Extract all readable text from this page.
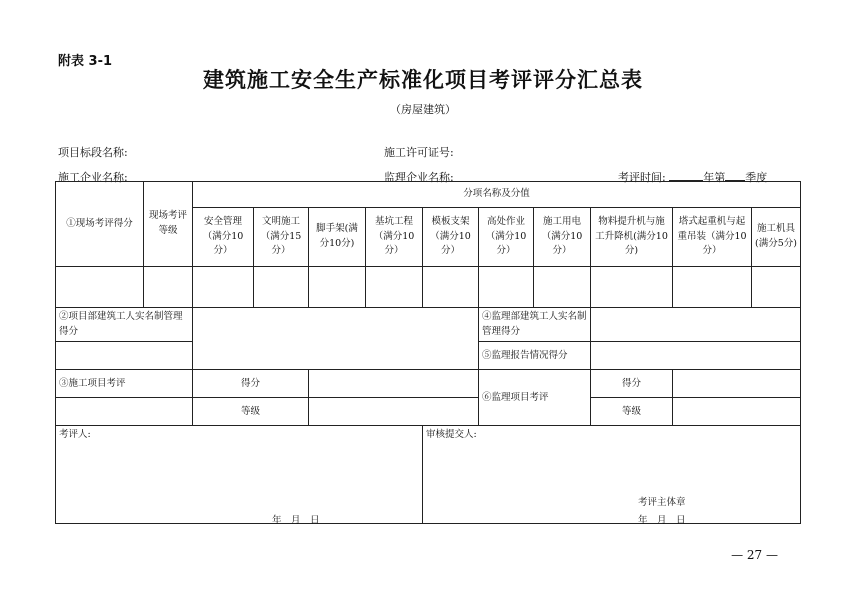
附表 3-1
建筑施工安全生产标准化项目考评评分汇总表
（房屋建筑）
项目标段名称:	施工许可证号:
施工企业名称:	监理企业名称:	考评时间:	年第 季度
①现场考评得分	现场考评等级	分项名称及分值									
		安全管理（满分10分）	文明施工（满分15分）	脚手架(满分10分)	基坑工程（满分10分）	模板支架（满分10分）	高处作业（满分10分）	施工用电（满分10分）	物料提升机与施工升降机(满分10分)	塔式起重机与起重吊装（满分10分）	施工机具(满分5分)

②项目部建筑工人实名制管理得分							④监理部建筑工人实名制管理得分				
							⑤监理报告情况得分				
③施工项目考评		得分					⑥监理项目考评		得分		
		等级							等级		
考评人:						审核提交人:					
年　月　日
考评主体章
年　月　日
— 27 —
